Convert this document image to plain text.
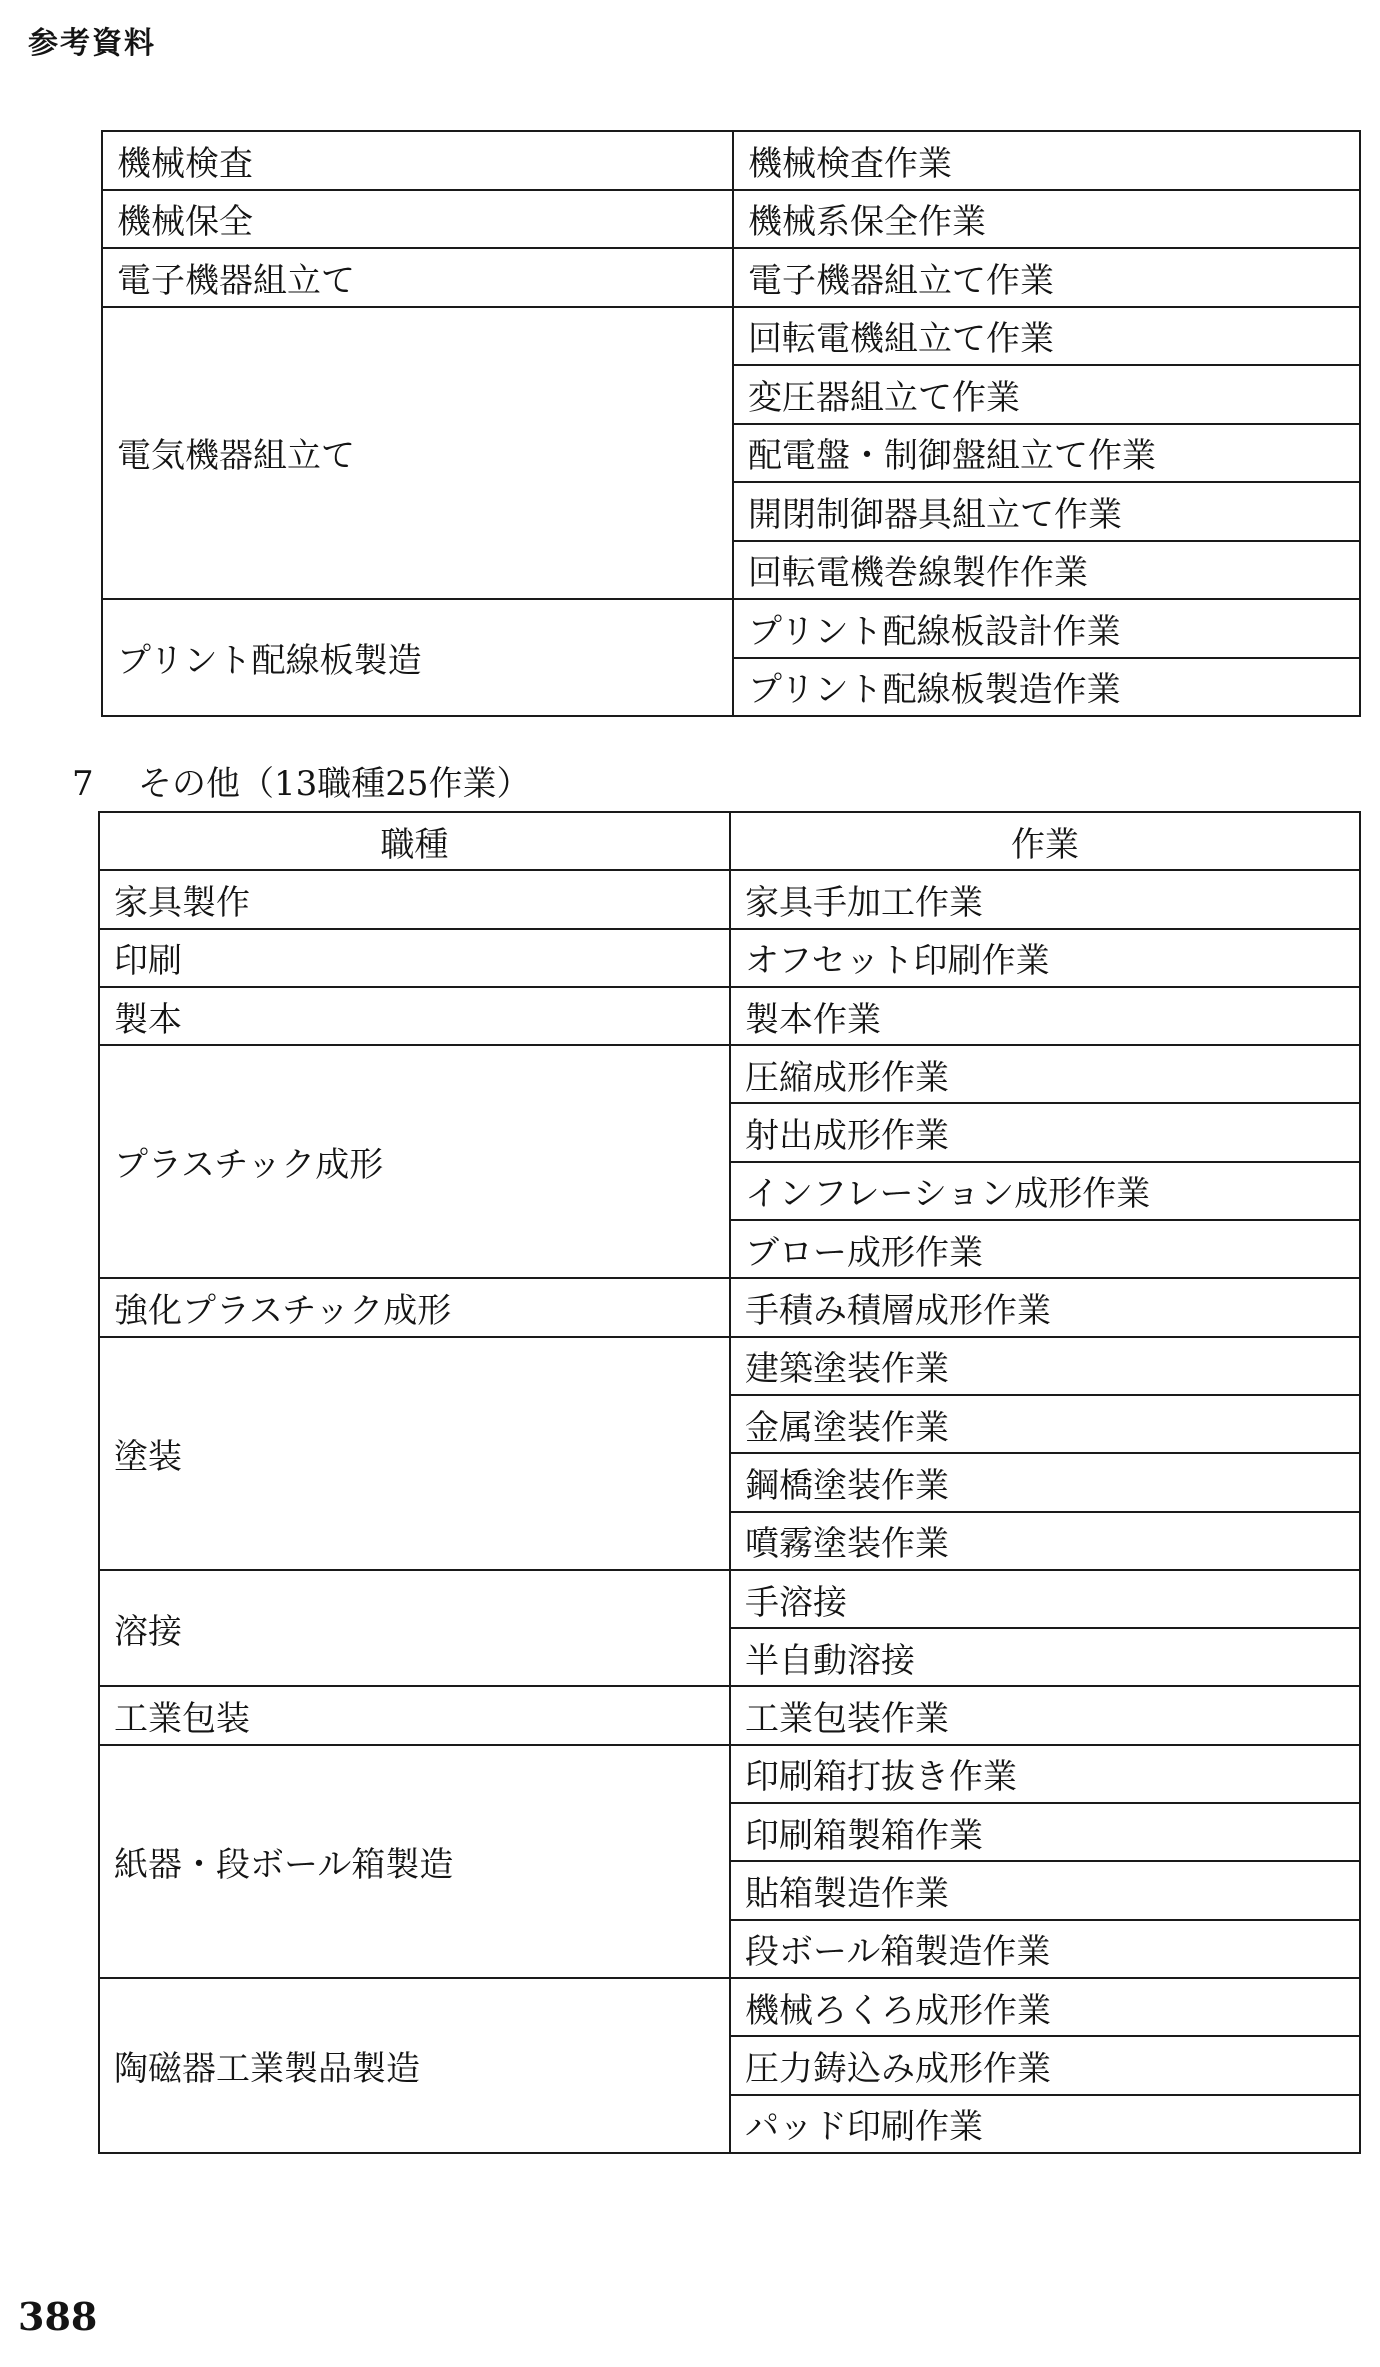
参考資料
機械検査	機械検査作業
機械保全	機械系保全作業
電子機器組立て	電子機器組立て作業
電気機器組立て	回転電機組立て作業
	変圧器組立て作業
	配電盤・制御盤組立て作業
	開閉制御器具組立て作業
	回転電機巻線製作作業
プリント配線板製造	プリント配線板設計作業
	プリント配線板製造作業
7 その他（13職種25作業）
職種	作業
家具製作	家具手加工作業
印刷	オフセット印刷作業
製本	製本作業
プラスチック成形	圧縮成形作業
	射出成形作業
	インフレーション成形作業
	ブロー成形作業
強化プラスチック成形	手積み積層成形作業
塗装	建築塗装作業
	金属塗装作業
	鋼橋塗装作業
	噴霧塗装作業
溶接	手溶接
	半自動溶接
工業包装	工業包装作業
紙器・段ボール箱製造	印刷箱打抜き作業
	印刷箱製箱作業
	貼箱製造作業
	段ボール箱製造作業
陶磁器工業製品製造	機械ろくろ成形作業
	圧力鋳込み成形作業
	パッド印刷作業
388
